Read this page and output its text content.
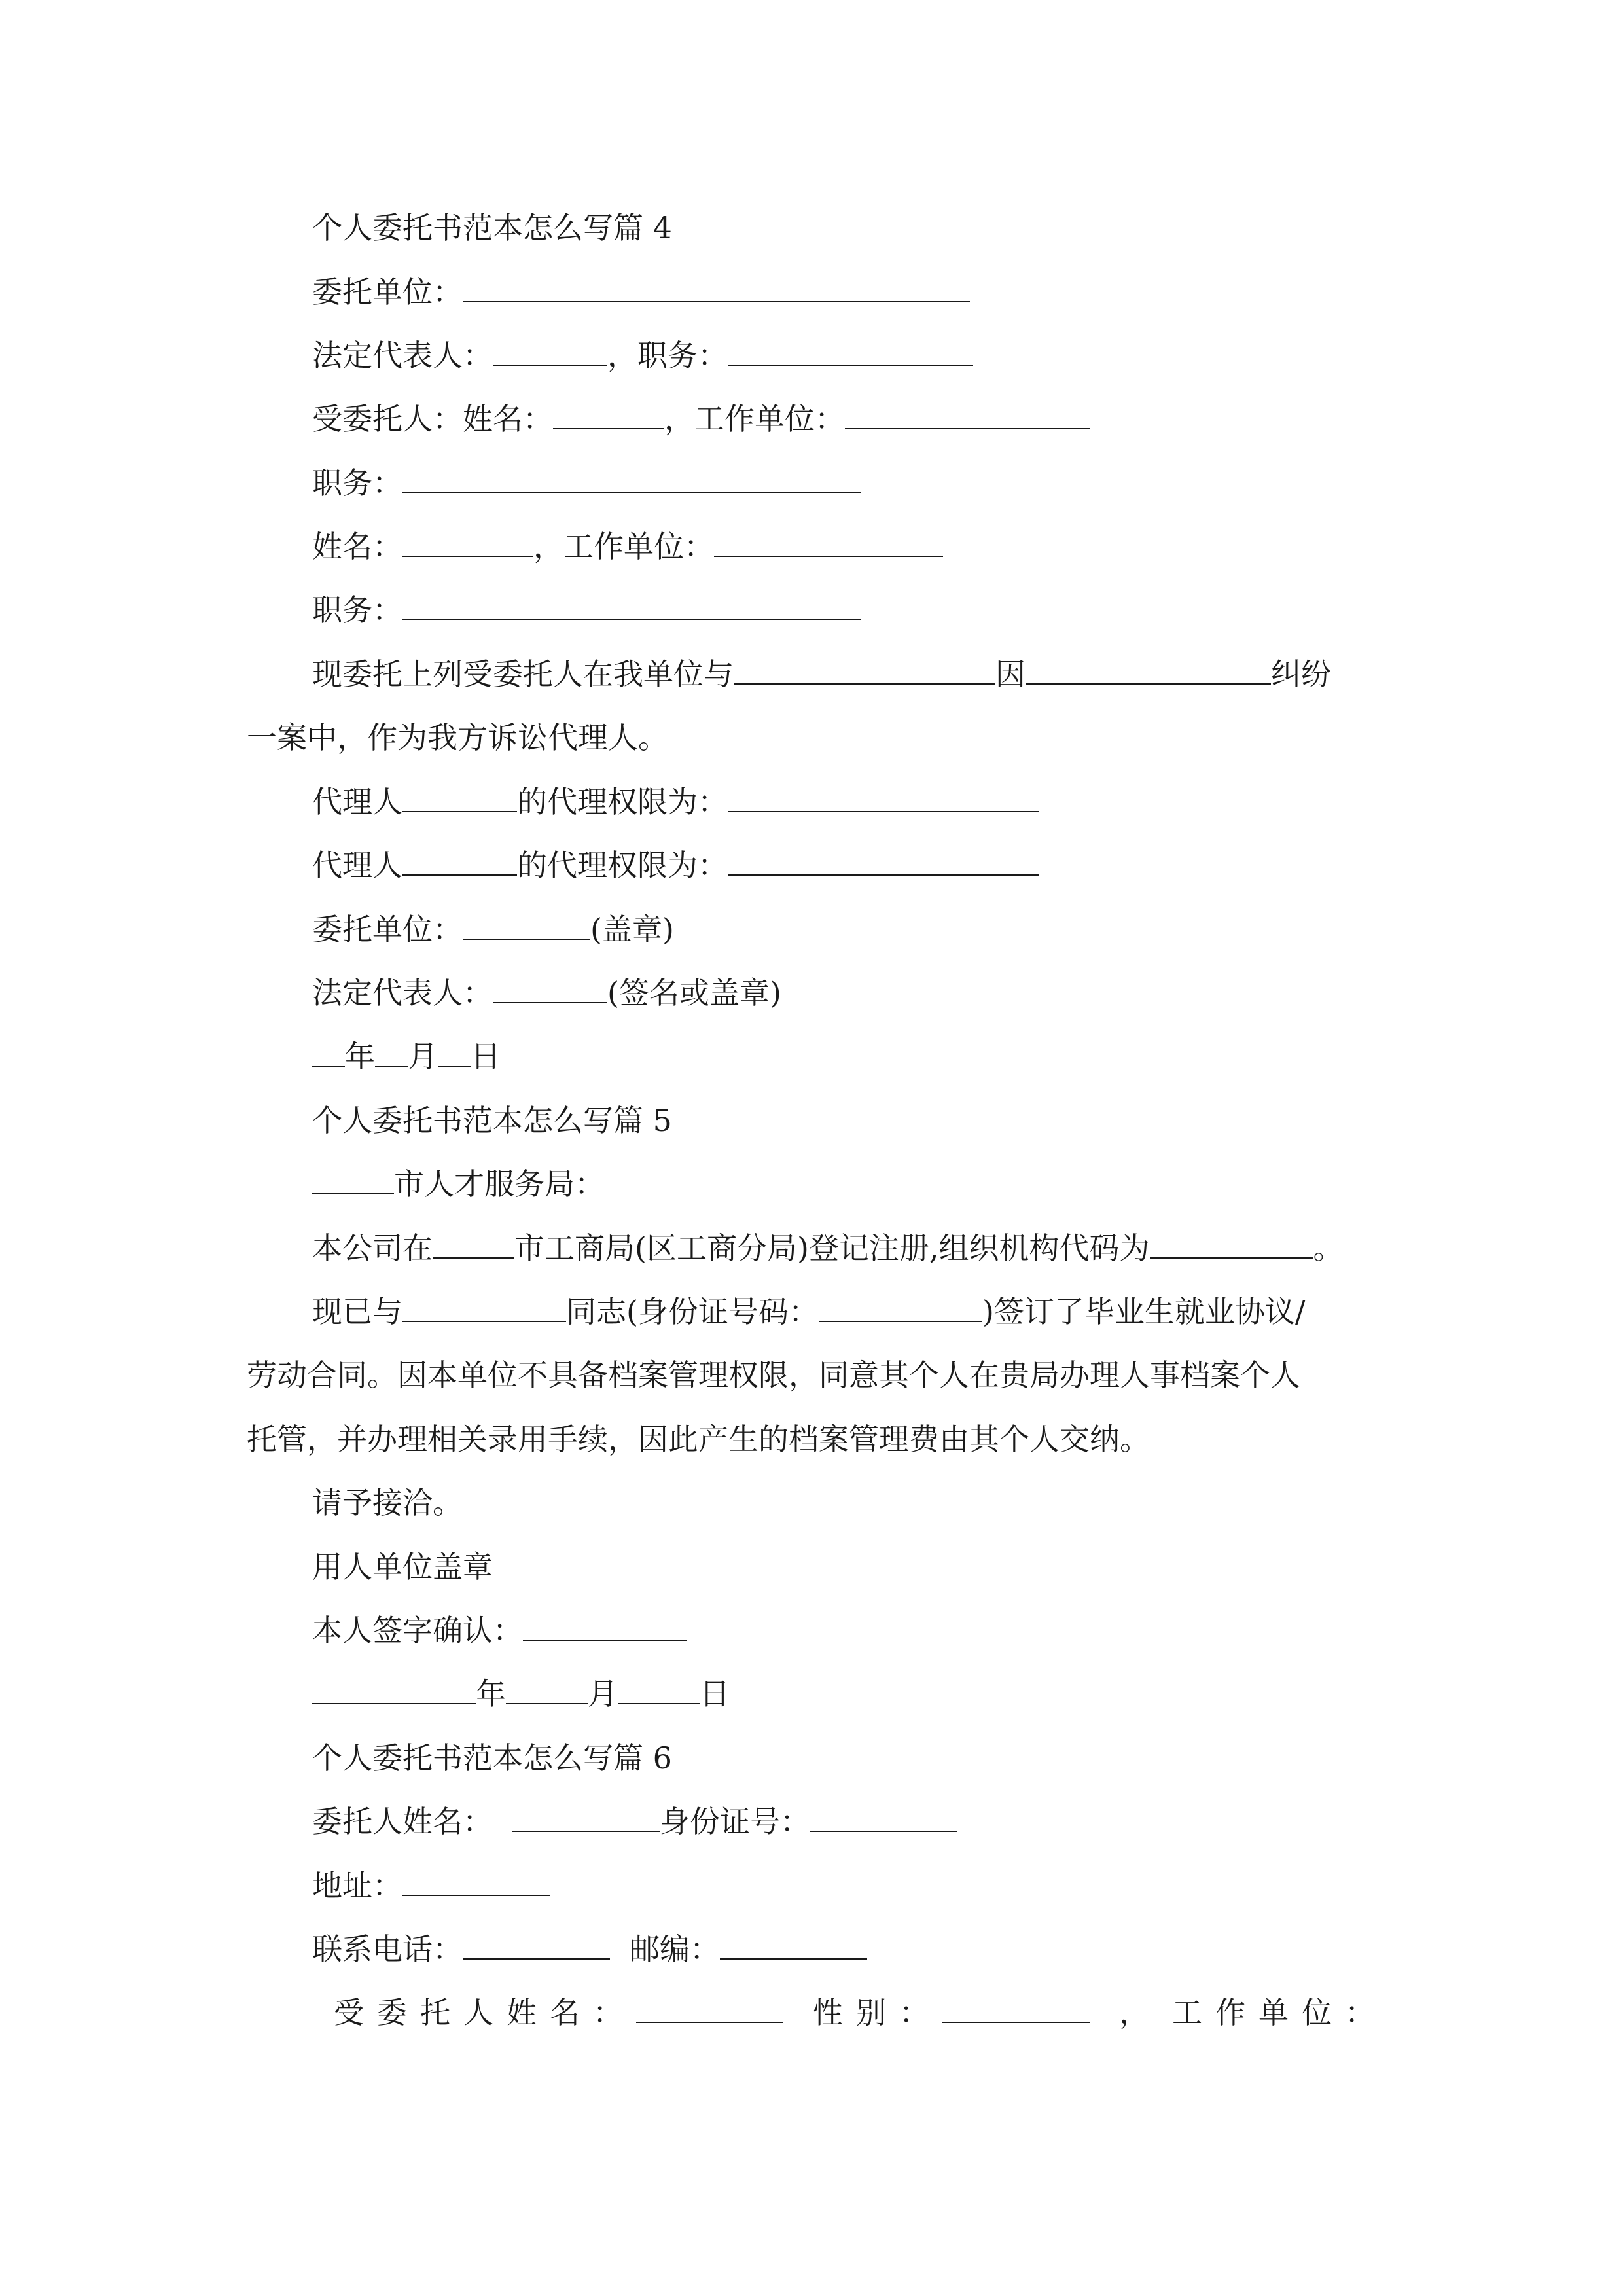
个人委托书范本怎么写篇 4
委托单位：
法定代表人：	，职务：
受委托人：姓名：	，工作单位：
职务：
姓名：	，工作单位：
职务：
现委托上列受委托人在我单位与	因	纠纷
一案中，作为我方诉讼代理人。
代理人	的代理权限为：
代理人	的代理权限为：
委托单位：	(盖章)
法定代表人：	(签名或盖章)
年 月 日
个人委托书范本怎么写篇 5
市人才服务局：
本公司在	市工商局(区工商分局)登记注册,组织机构代码为	。
现已与	同志(身份证号码：	)签订了毕业生就业协议/
劳动合同。因本单位不具备档案管理权限，同意其个人在贵局办理人事档案个人
托管，并办理相关录用手续，因此产生的档案管理费由其个人交纳。
请予接洽。
用人单位盖章
本人签字确认：
年	月	日
个人委托书范本怎么写篇 6
委托人姓名：	身份证号：
地址：
联系电话：	邮编：
受委托人姓名：	性别：	， 工作单位：
